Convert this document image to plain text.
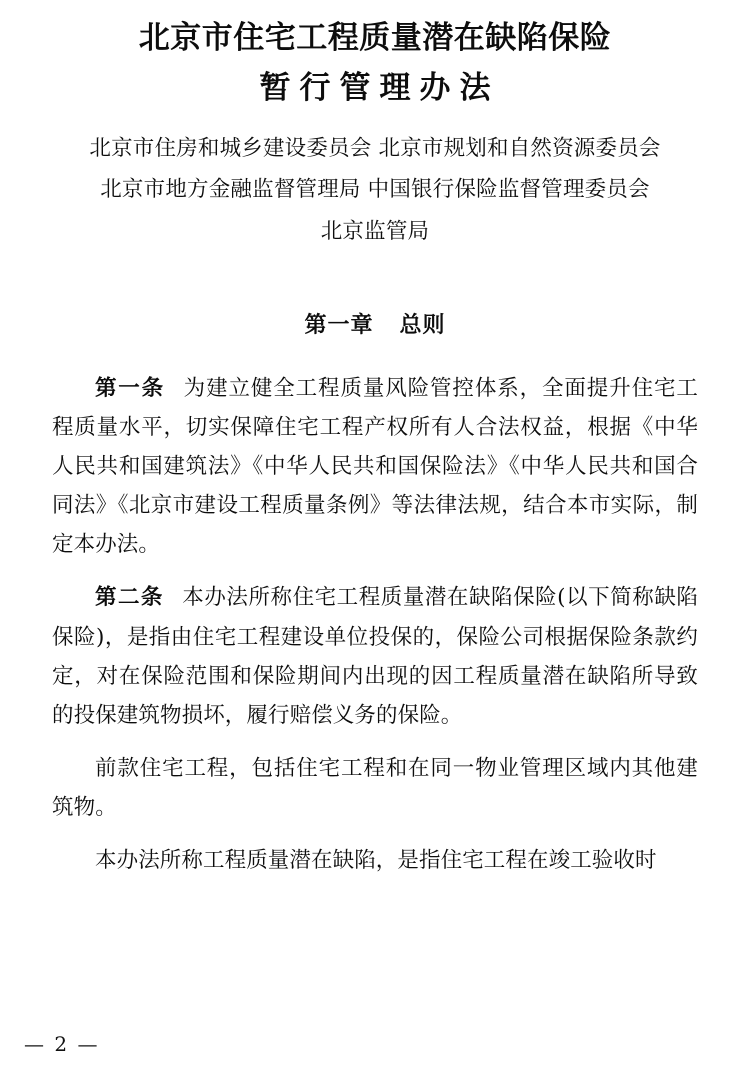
北京市住宅工程质量潜在缺陷保险
暂行管理办法
北京市住房和城乡建设委员会 北京市规划和自然资源委员会
北京市地方金融监督管理局 中国银行保险监督管理委员会
北京监管局
第一章 总则

第一条 为建立健全工程质量风险管控体系，全面提升住宅工程质量水平，切实保障住宅工程产权所有人合法权益，根据《中华人民共和国建筑法》《中华人民共和国保险法》《中华人民共和国合同法》《北京市建设工程质量条例》等法律法规，结合本市实际，制定本办法。

第二条 本办法所称住宅工程质量潜在缺陷保险(以下简称缺陷保险)，是指由住宅工程建设单位投保的，保险公司根据保险条款约定，对在保险范围和保险期间内出现的因工程质量潜在缺陷所导致的投保建筑物损坏，履行赔偿义务的保险。

前款住宅工程，包括住宅工程和在同一物业管理区域内其他建筑物。

本办法所称工程质量潜在缺陷，是指住宅工程在竣工验收时

— 2 —
